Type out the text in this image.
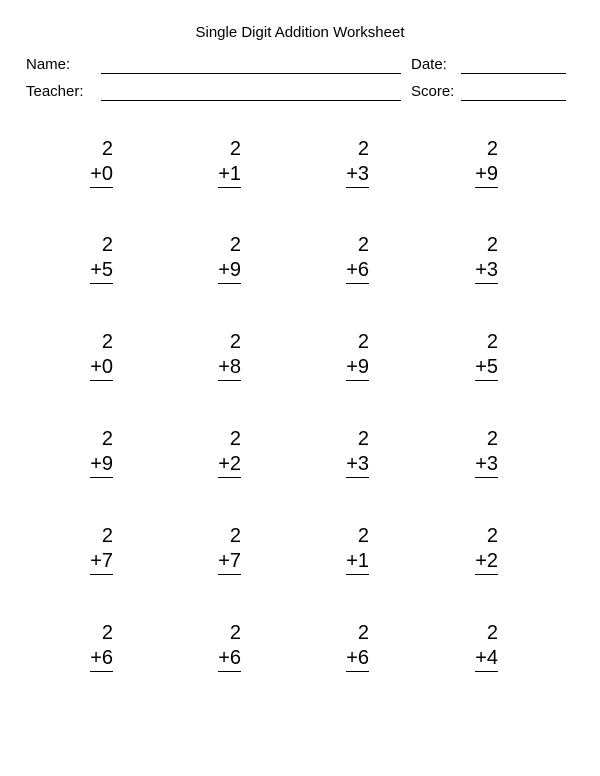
Single Digit Addition Worksheet
Name:	Date:
Teacher:	Score:
2
+0
2
+1
2
+3
2
+9
2
+5
2
+9
2
+6
2
+3
2
+0
2
+8
2
+9
2
+5
2
+9
2
+2
2
+3
2
+3
2
+7
2
+7
2
+1
2
+2
2
+6
2
+6
2
+6
2
+4
